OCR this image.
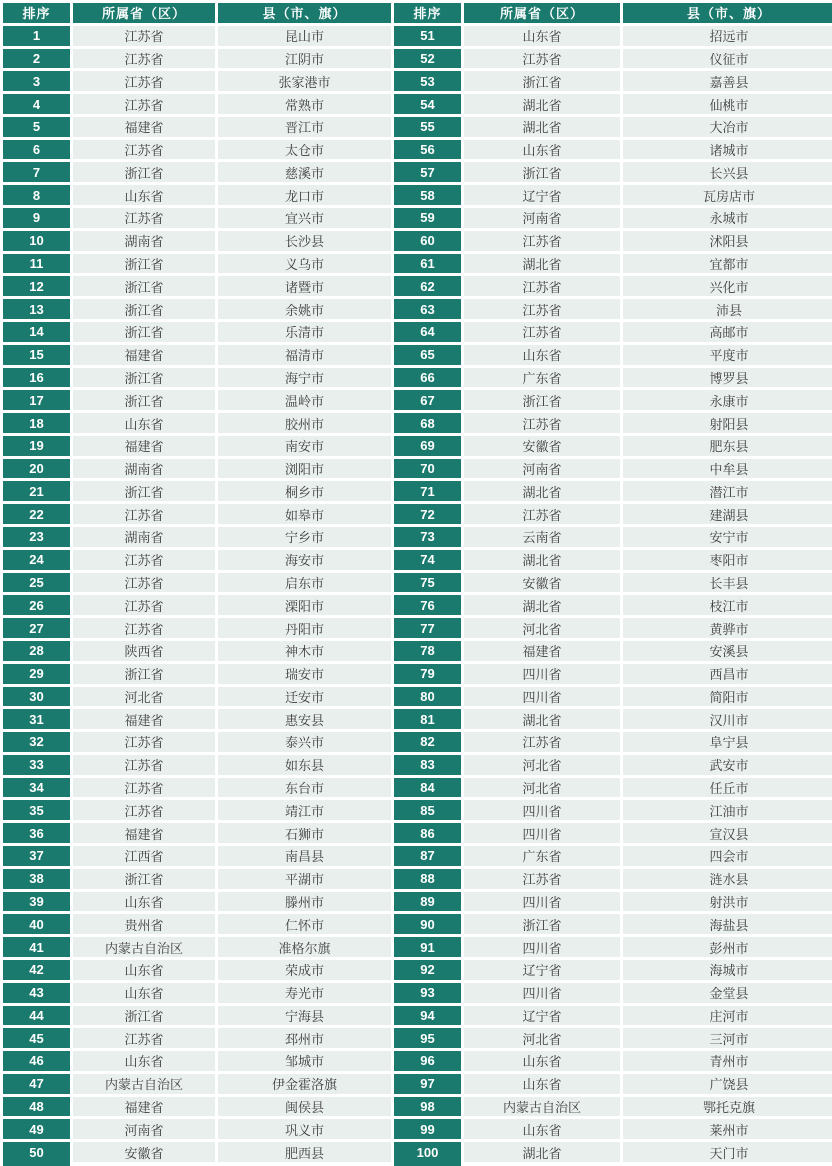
排序	所属省（区）	县（市、旗）
1	江苏省	昆山市
2	江苏省	江阴市
3	江苏省	张家港市
4	江苏省	常熟市
5	福建省	晋江市
6	江苏省	太仓市
7	浙江省	慈溪市
8	山东省	龙口市
9	江苏省	宜兴市
10	湖南省	长沙县
11	浙江省	义乌市
12	浙江省	诸暨市
13	浙江省	余姚市
14	浙江省	乐清市
15	福建省	福清市
16	浙江省	海宁市
17	浙江省	温岭市
18	山东省	胶州市
19	福建省	南安市
20	湖南省	浏阳市
21	浙江省	桐乡市
22	江苏省	如皋市
23	湖南省	宁乡市
24	江苏省	海安市
25	江苏省	启东市
26	江苏省	溧阳市
27	江苏省	丹阳市
28	陕西省	神木市
29	浙江省	瑞安市
30	河北省	迁安市
31	福建省	惠安县
32	江苏省	泰兴市
33	江苏省	如东县
34	江苏省	东台市
35	江苏省	靖江市
36	福建省	石狮市
37	江西省	南昌县
38	浙江省	平湖市
39	山东省	滕州市
40	贵州省	仁怀市
41	内蒙古自治区	准格尔旗
42	山东省	荣成市
43	山东省	寿光市
44	浙江省	宁海县
45	江苏省	邳州市
46	山东省	邹城市
47	内蒙古自治区	伊金霍洛旗
48	福建省	闽侯县
49	河南省	巩义市
50	安徽省	肥西县
排序	所属省（区）	县（市、旗）
51	山东省	招远市
52	江苏省	仪征市
53	浙江省	嘉善县
54	湖北省	仙桃市
55	湖北省	大冶市
56	山东省	诸城市
57	浙江省	长兴县
58	辽宁省	瓦房店市
59	河南省	永城市
60	江苏省	沭阳县
61	湖北省	宜都市
62	江苏省	兴化市
63	江苏省	沛县
64	江苏省	高邮市
65	山东省	平度市
66	广东省	博罗县
67	浙江省	永康市
68	江苏省	射阳县
69	安徽省	肥东县
70	河南省	中牟县
71	湖北省	潜江市
72	江苏省	建湖县
73	云南省	安宁市
74	湖北省	枣阳市
75	安徽省	长丰县
76	湖北省	枝江市
77	河北省	黄骅市
78	福建省	安溪县
79	四川省	西昌市
80	四川省	简阳市
81	湖北省	汉川市
82	江苏省	阜宁县
83	河北省	武安市
84	河北省	任丘市
85	四川省	江油市
86	四川省	宣汉县
87	广东省	四会市
88	江苏省	涟水县
89	四川省	射洪市
90	浙江省	海盐县
91	四川省	彭州市
92	辽宁省	海城市
93	四川省	金堂县
94	辽宁省	庄河市
95	河北省	三河市
96	山东省	青州市
97	山东省	广饶县
98	内蒙古自治区	鄂托克旗
99	山东省	莱州市
100	湖北省	天门市
